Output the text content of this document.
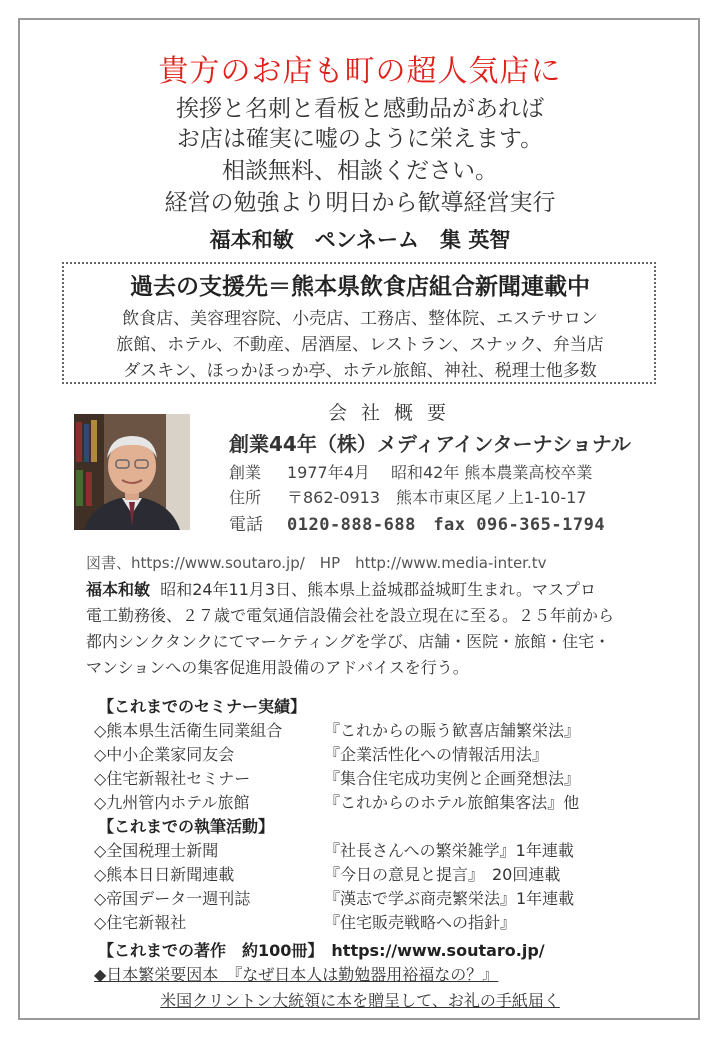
貴方のお店も町の超人気店に
挨拶と名刺と看板と感動品があれば
お店は確実に嘘のように栄えます。
相談無料、相談ください。
経営の勉強より明日から歓導経営実行
福本和敏　ペンネーム　集 英智
過去の支援先＝熊本県飲食店組合新聞連載中
飲食店、美容理容院、小売店、工務店、整体院、エステサロン
旅館、ホテル、不動産、居酒屋、レストラン、スナック、弁当店
ダスキン、ほっかほっか亭、ホテル旅館、神社、税理士他多数
会社概要
創業44年（株）メディアインターナショナル
創業 1977年4月　 昭和42年 熊本農業高校卒業
住所 〒862-0913　熊本市東区尾ノ上1-10-17
電話 0120-888-688　fax 096-365-1794
図書、https://www.soutaro.jp/　HP　http://www.media-inter.tv
福本和敏 昭和24年11月3日、熊本県上益城郡益城町生まれ。マスプロ
電工勤務後、２７歳で電気通信設備会社を設立現在に至る。２５年前から
都内シンクタンクにてマーケティングを学び、店舗・医院・旅館・住宅・
マンションへの集客促進用設備のアドバイスを行う。
【これまでのセミナー実績】
◇熊本県生活衛生同業組合	『これからの賑う歓喜店舗繁栄法』
◇中小企業家同友会	『企業活性化への情報活用法』
◇住宅新報社セミナー	『集合住宅成功実例と企画発想法』
◇九州管内ホテル旅館	『これからのホテル旅館集客法』他
【これまでの執筆活動】
◇全国税理士新聞	『社長さんへの繁栄雑学』1年連載
◇熊本日日新聞連載	『今日の意見と提言』　20回連載
◇帝国データ一週刊誌	『漢志で学ぶ商売繁栄法』1年連載
◇住宅新報社	『住宅販売戦略への指針』
【これまでの著作　約100冊】　https://www.soutaro.jp/
◆日本繁栄要因本　『なぜ日本人は勤勉器用裕福なの？』
米国クリントン大統領に本を贈呈して、お礼の手紙届く
